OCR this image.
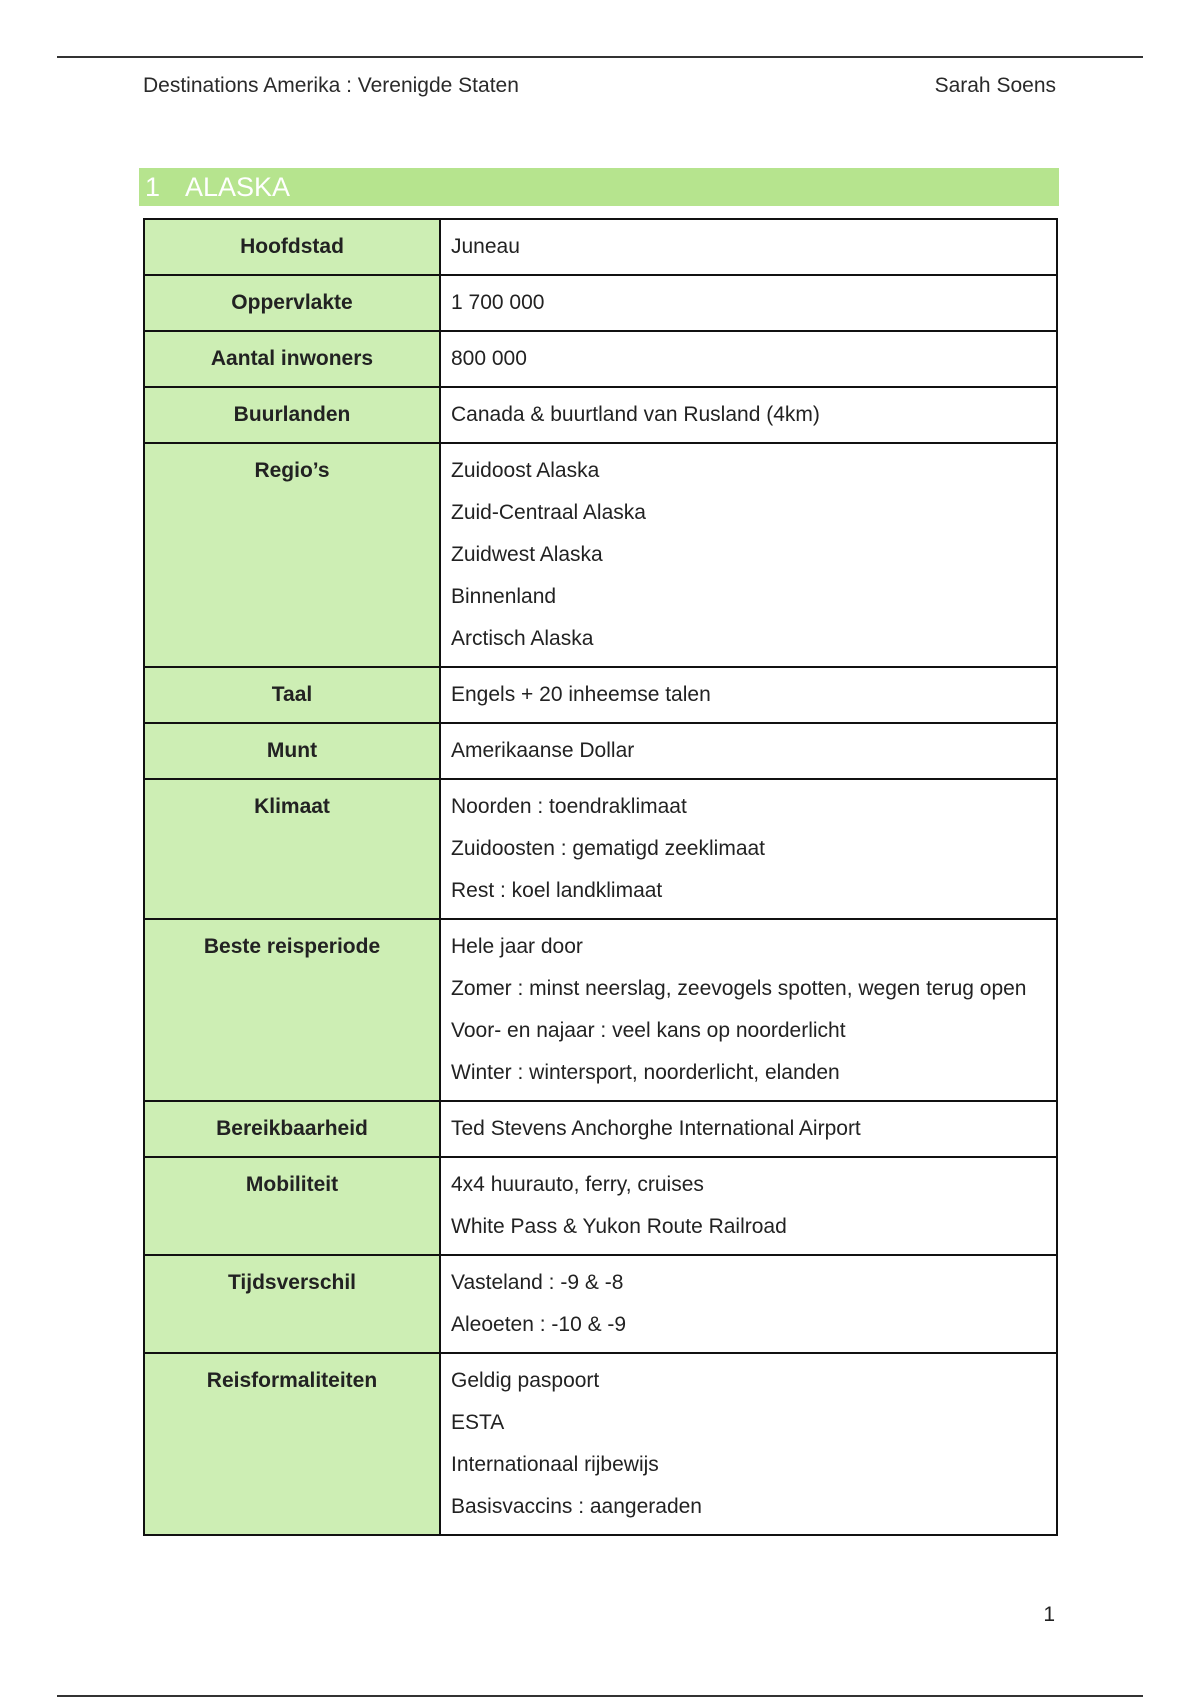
Destinations Amerika : Verenigde Staten	Sarah Soens
1 ALASKA
Hoofdstad	Juneau

Oppervlakte	1 700 000

Aantal inwoners	800 000

Buurlanden	Canada & buurtland van Rusland (4km)

Regio’s	Zuidoost Alaska
Zuid-Centraal Alaska
Zuidwest Alaska
Binnenland
Arctisch Alaska

Taal	Engels + 20 inheemse talen

Munt	Amerikaanse Dollar

Klimaat	Noorden : toendraklimaat
Zuidoosten : gematigd zeeklimaat
Rest : koel landklimaat

Beste reisperiode	Hele jaar door
Zomer : minst neerslag, zeevogels spotten, wegen terug open
Voor- en najaar : veel kans op noorderlicht
Winter : wintersport, noorderlicht, elanden

Bereikbaarheid	Ted Stevens Anchorghe International Airport

Mobiliteit	4x4 huurauto, ferry, cruises
White Pass & Yukon Route Railroad

Tijdsverschil	Vasteland : -9 & -8
Aleoeten : -10 & -9

Reisformaliteiten	Geldig paspoort
ESTA
Internationaal rijbewijs
Basisvaccins : aangeraden
1
